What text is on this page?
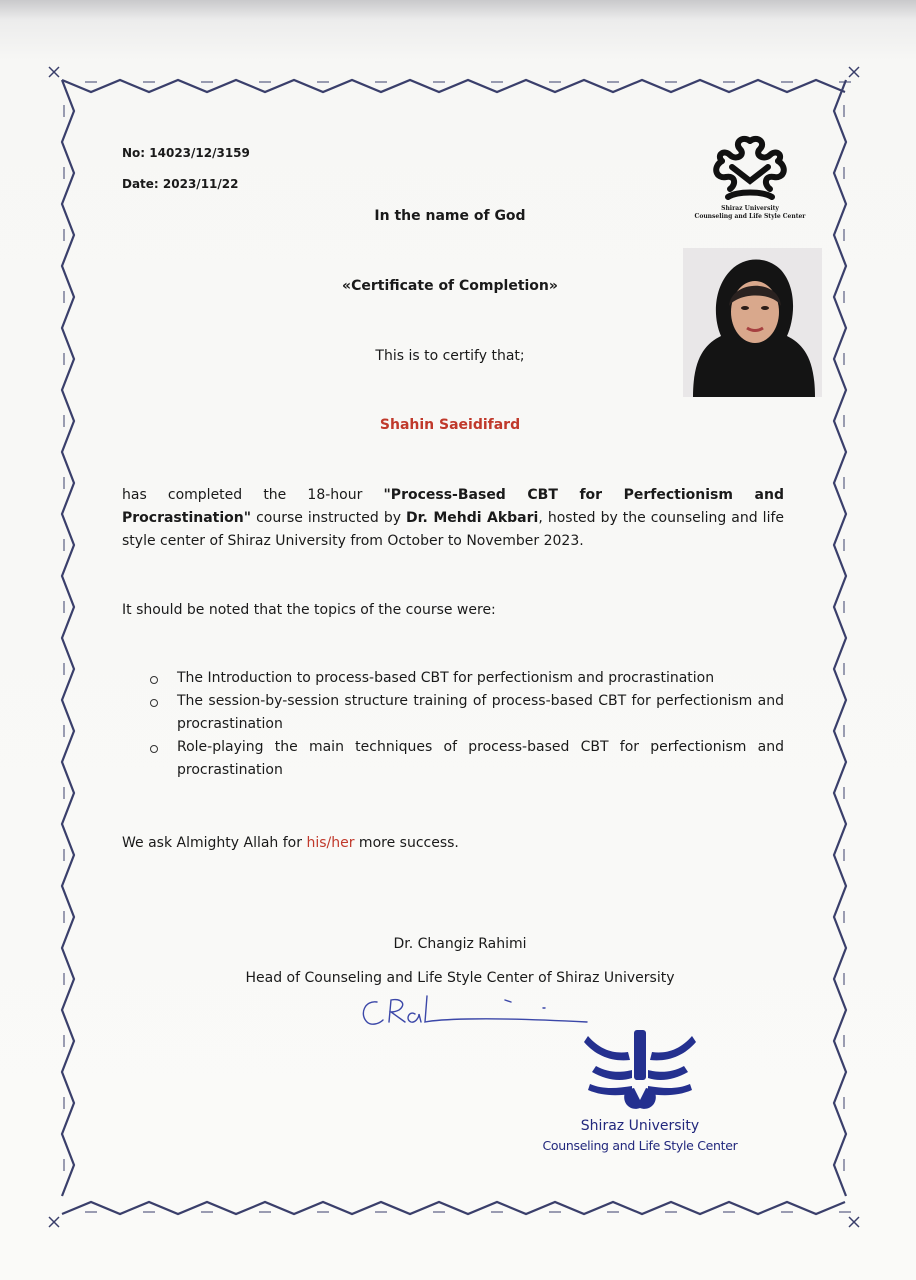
No: 14023/12/3159
Date: 2023/11/22
In the name of God
«Certificate of Completion»
This is to certify that;
Shahin Saeidifard
Shiraz University
Counseling and Life Style Center
has completed the 18-hour "Process-Based CBT for Perfectionism and Procrastination" course instructed by Dr. Mehdi Akbari, hosted by the counseling and life style center of Shiraz University from October to November 2023.
It should be noted that the topics of the course were:
The Introduction to process-based CBT for perfectionism and procrastination
The session-by-session structure training of process-based CBT for perfectionism and procrastination
Role-playing the main techniques of process-based CBT for perfectionism and procrastination
We ask Almighty Allah for his/her more success.
Dr. Changiz Rahimi
Head of Counseling and Life Style Center of Shiraz University
Shiraz University
Counseling and Life Style Center
